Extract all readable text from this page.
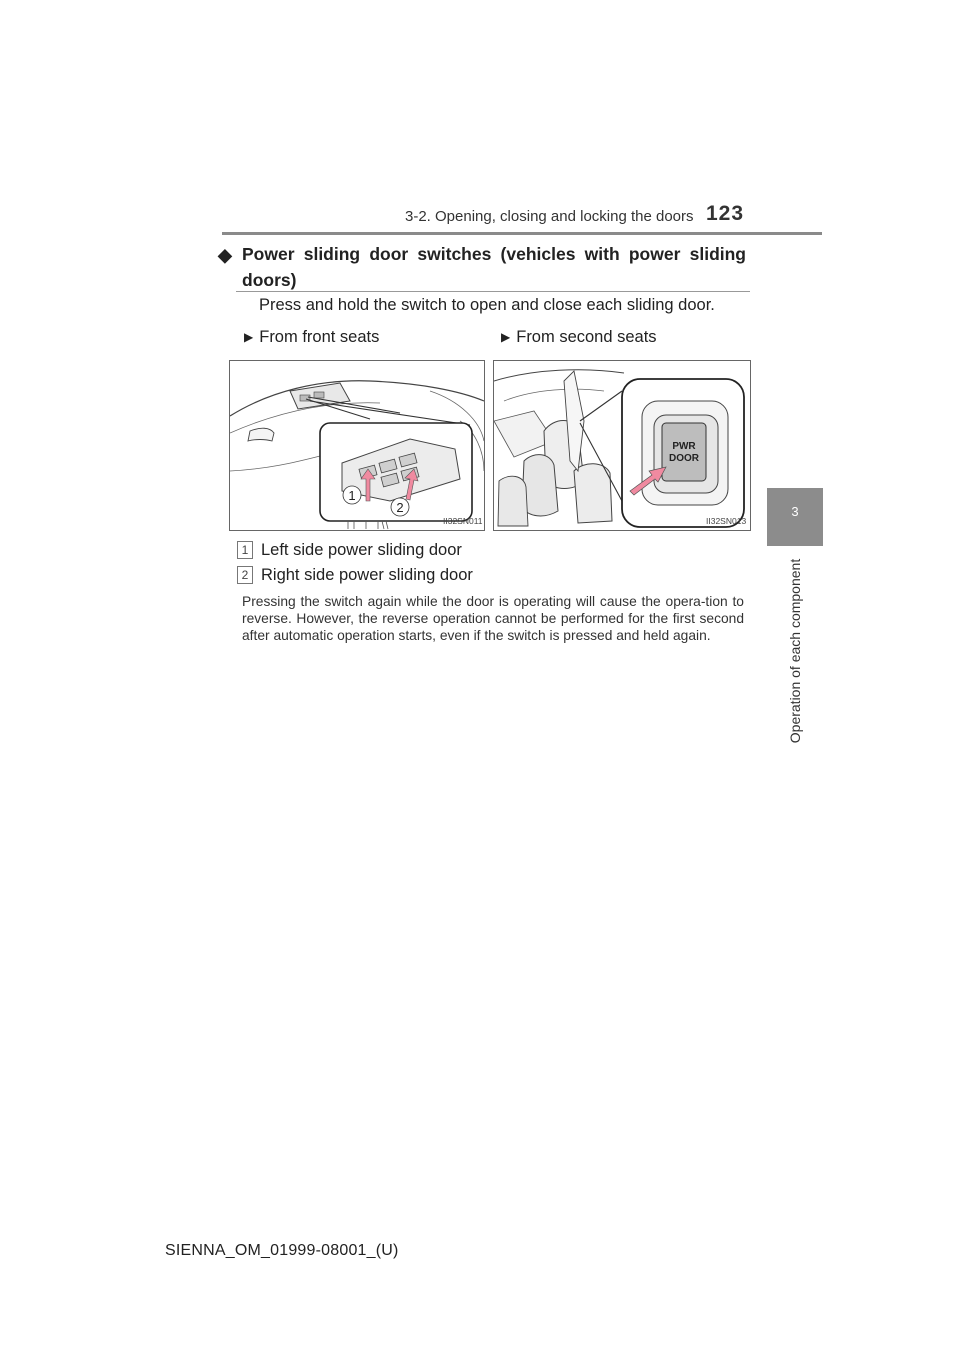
3-2. Opening, closing and locking the doors 123
3
Operation of each component
◆ Power sliding door switches (vehicles with power sliding doors)
Press and hold the switch to open and close each sliding door.
▶ From front seats	▶ From second seats
1
2
II32SN011
PWR
DOOR
II32SN013
1 Left side power sliding door
2 Right side power sliding door
Pressing the switch again while the door is operating will cause the opera-tion to reverse. However, the reverse operation cannot be performed for the first second after automatic operation starts, even if the switch is pressed and held again.
SIENNA_OM_01999-08001_(U)
